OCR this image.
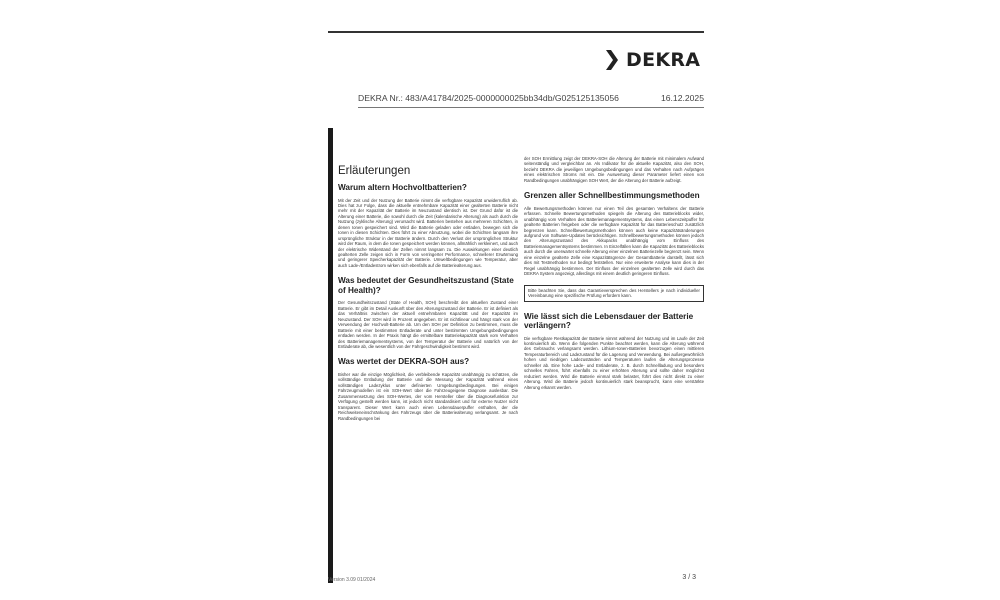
DEKRA
DEKRA Nr.: 483/A41784/2025-0000000025bb34db/G025125135056	16.12.2025
Erläuterungen
Warum altern Hochvoltbatterien?

Mit der Zeit und der Nutzung der Batterie nimmt die verfügbare Kapazität unwiderruflich ab. Dies hat zur Folge, dass die aktuelle entnehmbare Kapazität einer gealterten Batterie nicht mehr mit der Kapazität der Batterie im Neuzustand identisch ist. Der Grund dafür ist die Alterung einer Batterie, die sowohl durch die Zeit (kalendarische Alterung) als auch durch die Nutzung (zyklische Alterung) verursacht wird. Batterien bestehen aus mehreren Schichten, in denen Ionen gespeichert sind. Wird die Batterie geladen oder entladen, bewegen sich die Ionen in diesen Schichten. Dies führt zu einer Abnutzung, wobei die Schichten langsam ihre ursprüngliche Struktur in der Batterie ändern. Durch den Verlust der ursprünglichen Struktur wird der Raum, in dem die Ionen gespeichert werden können, allmählich verkleinert, und auch der elektrische Widerstand der Zellen nimmt langsam zu. Die Auswirkungen einer deutlich gealterten Zelle zeigen sich in Form von verringerter Performance, schnellerer Erwärmung und geringerer Speicherkapazität der Batterie. Umweltbedingungen wie Temperatur, aber auch Lade-/Entladestrom wirken sich ebenfalls auf die Batteriealterung aus.

Was bedeutet der Gesundheitszustand (State of Health)?

Der Gesundheitszustand (State of Health, SOH) beschreibt den aktuellen Zustand einer Batterie. Er gibt im Detail Auskunft über den Alterungszustand der Batterie. Er ist definiert als das Verhältnis zwischen der aktuell entnehmbaren Kapazität und der Kapazität im Neuzustand. Der SOH wird in Prozent angegeben. Er ist nichtlinear und hängt stark von der Verwendung der Hochvolt-Batterie ab. Um den SOH per Definition zu bestimmen, muss die Batterie mit einer bestimmten Entladerate und unter bestimmten Umgebungsbedingungen entladen werden. In der Praxis hängt die ermittelbare Batteriekapazität stark vom Verhalten des Batteriemanagementsystems, von der Temperatur der Batterie und natürlich von der Entladerate ab, die wesentlich von der Fahrgeschwindigkeit bestimmt wird.

Was wertet der DEKRA-SOH aus?

Bisher war die einzige Möglichkeit, die verbleibende Kapazität unabhängig zu schätzen, die vollständige Entladung der Batterie und die Messung der Kapazität während eines vollständigen Ladezyklus unter definierten Umgebungsbedingungen. Bei einigen Fahrzeugmodellen ist ein SOH-Wert über die Fahrzeugeigene Diagnose auslesbar. Die Zusammensetzung des SOH-Wertes, der vom Hersteller über die Diagnosefunktion zur Verfügung gestellt werden kann, ist jedoch nicht standardisiert und für externe Nutzer nicht transparent. Dieser Wert kann auch einen Lebensdauerpuffer enthalten, der die Reichweiteneinschränkung des Fahrzeugs über die Batteriealterung verlangsamt. Je nach Randbedingungen bei

der SOH Ermittlung zeigt der DEKRA-SOH die Alterung der Batterie mit minimalem Aufwand seitenständig und vergleichbar an. Als Indikator für die aktuelle Kapazität, also den SOH, bezieht DEKRA die jeweiligen Umgebungsbedingungen und das Verhalten nach Aufprägen eines elektrischen Stroms mit ein. Die Auswertung dieser Parameter liefert einen von Randbedingungen unabhängigen SOH Wert, der die Alterung der Batterie aufzeigt.

Grenzen aller Schnellbestimmungsmethoden

Alle Bewertungsmethoden können nur einen Teil des gesamten Verhaltens der Batterie erfassen. Schnelle Bewertungsmethoden spiegeln die Alterung des Batterieblocks wider, unabhängig vom Verhalten des Batteriemanagementsystems, das einen Lebenszeitpuffer für gealterte Batterien freigeben oder die verfügbare Kapazität für das Batterieschutz zusätzlich begrenzen kann. Schnellbewertungsmethoden können auch keine Kapazitätsänderungen aufgrund von Software-Updates berücksichtigen. Schnellbewertungsmethoden können jedoch den Alterungszustand des Akkupacks unabhängig vom Einfluss des Batteriemanagementsystems bestimmen. In Einzelfällen kann die Kapazität des Batterieblocks auch durch die unerwartet schnelle Alterung einer einzelnen Batteriezelle begrenzt sein. Wenn eine einzelne gealterte Zelle eine Kapazitätsgrenze der Gesamtbatterie darstellt, lässt sich dies mit Testmethoden nur bedingt feststellen. Nur eine erweiterte Analyse kann dies in der Regel unabhängig bestimmen. Der Einfluss der einzelnen gealterten Zelle wird durch das DEKRA System angezeigt, allerdings mit einem deutlich geringeren Einfluss.

Bitte beachten Sie, dass das Garantieversprechen des Herstellers je nach individueller Vereinbarung eine spezifische Prüfung erfordern kann.
Wie lässt sich die Lebensdauer der Batterie verlängern?

Die verfügbare Restkapazität der Batterie nimmt während der Nutzung und im Laufe der Zeit kontinuierlich ab. Wenn die folgenden Punkte beachtet werden, kann die Alterung während des Gebrauchs verlangsamt werden. Lithium-Ionen-Batterien bevorzugen einen mittleren Temperaturbereich und Ladezustand für die Lagerung und Verwendung. Bei außergewöhnlich hohen und niedrigen Ladezuständen und Temperaturen laufen die Alterungsprozesse schneller ab. Eine hohe Lade- und Entladerate, z. B. durch Schnellladung und besonders schnelles Fahren, führt ebenfalls zu einer erhöhten Alterung und sollte daher möglichst reduziert werden. Wird die Batterie einmal stark belastet, führt dies nicht direkt zu einer Alterung. Wird die Batterie jedoch kontinuierlich stark beansprucht, kann eine verstärkte Alterung erkannt werden.

Version 3.09 01/2024	3 / 3
